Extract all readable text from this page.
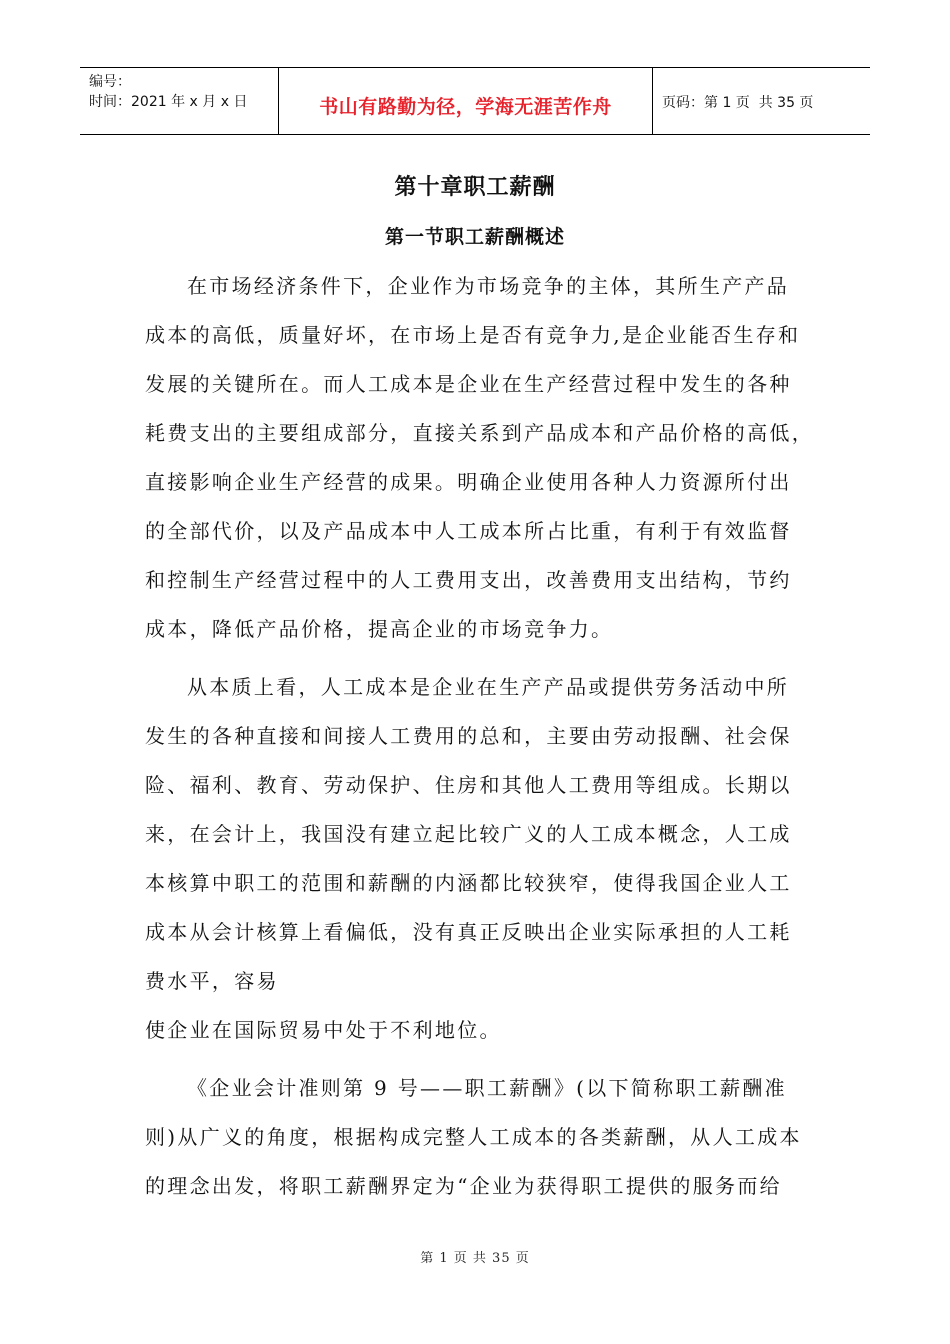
编号：
时间：2021 年 x 月 x 日	书山有路勤为径，学海无涯苦作舟	页码：第 1 页  共 35 页
第十章职工薪酬
第一节职工薪酬概述
在市场经济条件下，企业作为市场竞争的主体，其所生产产品
成本的高低，质量好坏，在市场上是否有竞争力,是企业能否生存和
发展的关键所在。而人工成本是企业在生产经营过程中发生的各种
耗费支出的主要组成部分，直接关系到产品成本和产品价格的高低，
直接影响企业生产经营的成果。明确企业使用各种人力资源所付出
的全部代价，以及产品成本中人工成本所占比重，有利于有效监督
和控制生产经营过程中的人工费用支出，改善费用支出结构，节约
成本，降低产品价格，提高企业的市场竞争力。
从本质上看，人工成本是企业在生产产品或提供劳务活动中所
发生的各种直接和间接人工费用的总和，主要由劳动报酬、社会保
险、福利、教育、劳动保护、住房和其他人工费用等组成。长期以
来，在会计上，我国没有建立起比较广义的人工成本概念，人工成
本核算中职工的范围和薪酬的内涵都比较狭窄，使得我国企业人工
成本从会计核算上看偏低，没有真正反映出企业实际承担的人工耗
费水平，容易
使企业在国际贸易中处于不利地位。
《企业会计准则第 9 号——职工薪酬》(以下简称职工薪酬准
则)从广义的角度，根据构成完整人工成本的各类薪酬，从人工成本
的理念出发，将职工薪酬界定为“企业为获得职工提供的服务而给
第 1 页 共 35 页
